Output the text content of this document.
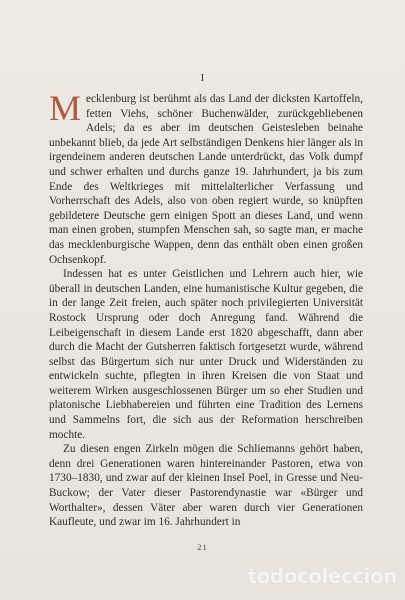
I

Mecklenburg ist berühmt als das Land der dicksten Kartoffeln, fetten Viehs, schöner Buchenwälder, zurückgebliebenen Adels; da es aber im deutschen Geistesleben beinahe unbekannt blieb, da jede Art selbständigen Denkens hier länger als in irgendeinem anderen deutschen Lande unterdrückt, das Volk dumpf und schwer erhalten und durchs ganze 19. Jahrhundert, ja bis zum Ende des Weltkrieges mit mittelalterlicher Verfassung und Vorherrschaft des Adels, also von oben regiert wurde, so knüpften gebildetere Deutsche gern einigen Spott an dieses Land, und wenn man einen groben, stumpfen Menschen sah, so sagte man, er mache das mecklenburgische Wappen, denn das enthält oben einen großen Ochsenkopf.

Indessen hat es unter Geistlichen und Lehrern auch hier, wie überall in deutschen Landen, eine humanistische Kultur gegeben, die in der lange Zeit freien, auch später noch privilegierten Universität Rostock Ursprung oder doch Anregung fand. Während die Leibeigenschaft in diesem Lande erst 1820 abgeschafft, dann aber durch die Macht der Gutsherren faktisch fortgesetzt wurde, während selbst das Bürgertum sich nur unter Druck und Widerständen zu entwickeln suchte, pflegten in ihren Kreisen die von Staat und weiterem Wirken ausgeschlossenen Bürger um so eher Studien und platonische Liebhabereien und führten eine Tradition des Lernens und Sammelns fort, die sich aus der Reformation herschreiben mochte.

Zu diesen engen Zirkeln mögen die Schliemanns gehört haben, denn drei Generationen waren hintereinander Pastoren, etwa von 1730–1830, und zwar auf der kleinen Insel Poel, in Gresse und Neu-Buckow; der Vater dieser Pastorendynastie war «Bürger und Worthalter», dessen Väter aber waren durch vier Generationen Kaufleute, und zwar im 16. Jahrhundert in

21
todocoleccion
